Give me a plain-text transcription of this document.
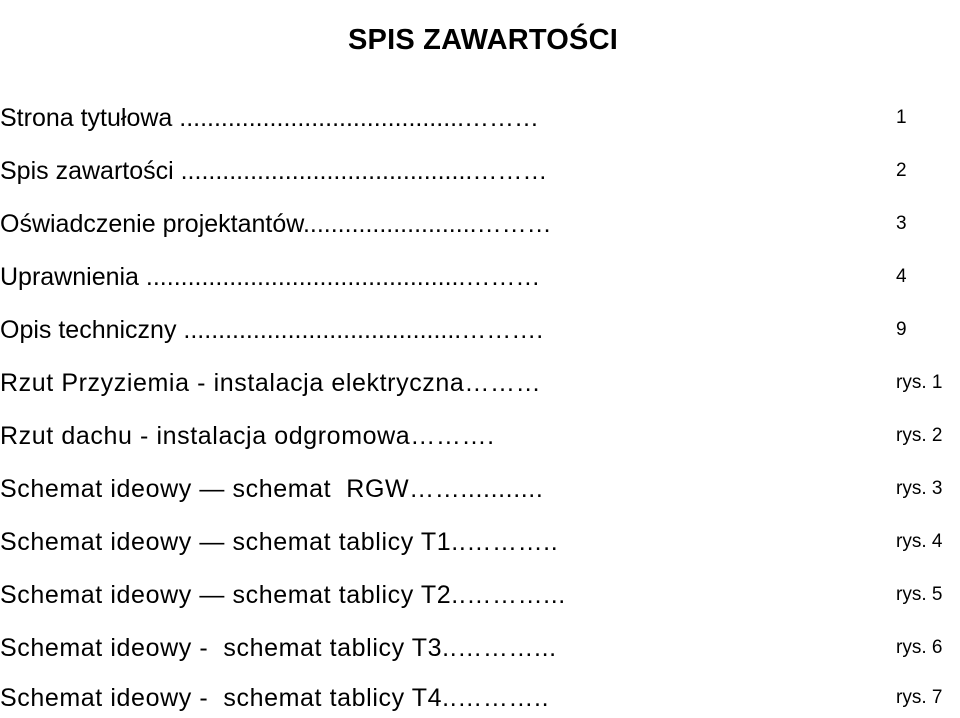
SPIS ZAWARTOŚCI
Strona tytułowa .........................................………	1
Spis zawartości ..........................................………	2
Oświadczenie projektantów.........................………	3
Uprawnienia ..............................................………	4
Opis techniczny ........................................……….	9
Rzut Przyziemia - instalacja elektryczna………	rys. 1
Rzut dachu - instalacja odgromowa……….	rys. 2
Schemat ideowy — schemat  RGW……...........	rys. 3
Schemat ideowy — schemat tablicy T1..………..	rys. 4
Schemat ideowy — schemat tablicy T2..………...	rys. 5
Schemat ideowy -  schemat tablicy T3..………...	rys. 6
Schemat ideowy -  schemat tablicy T4..………..	rys. 7
